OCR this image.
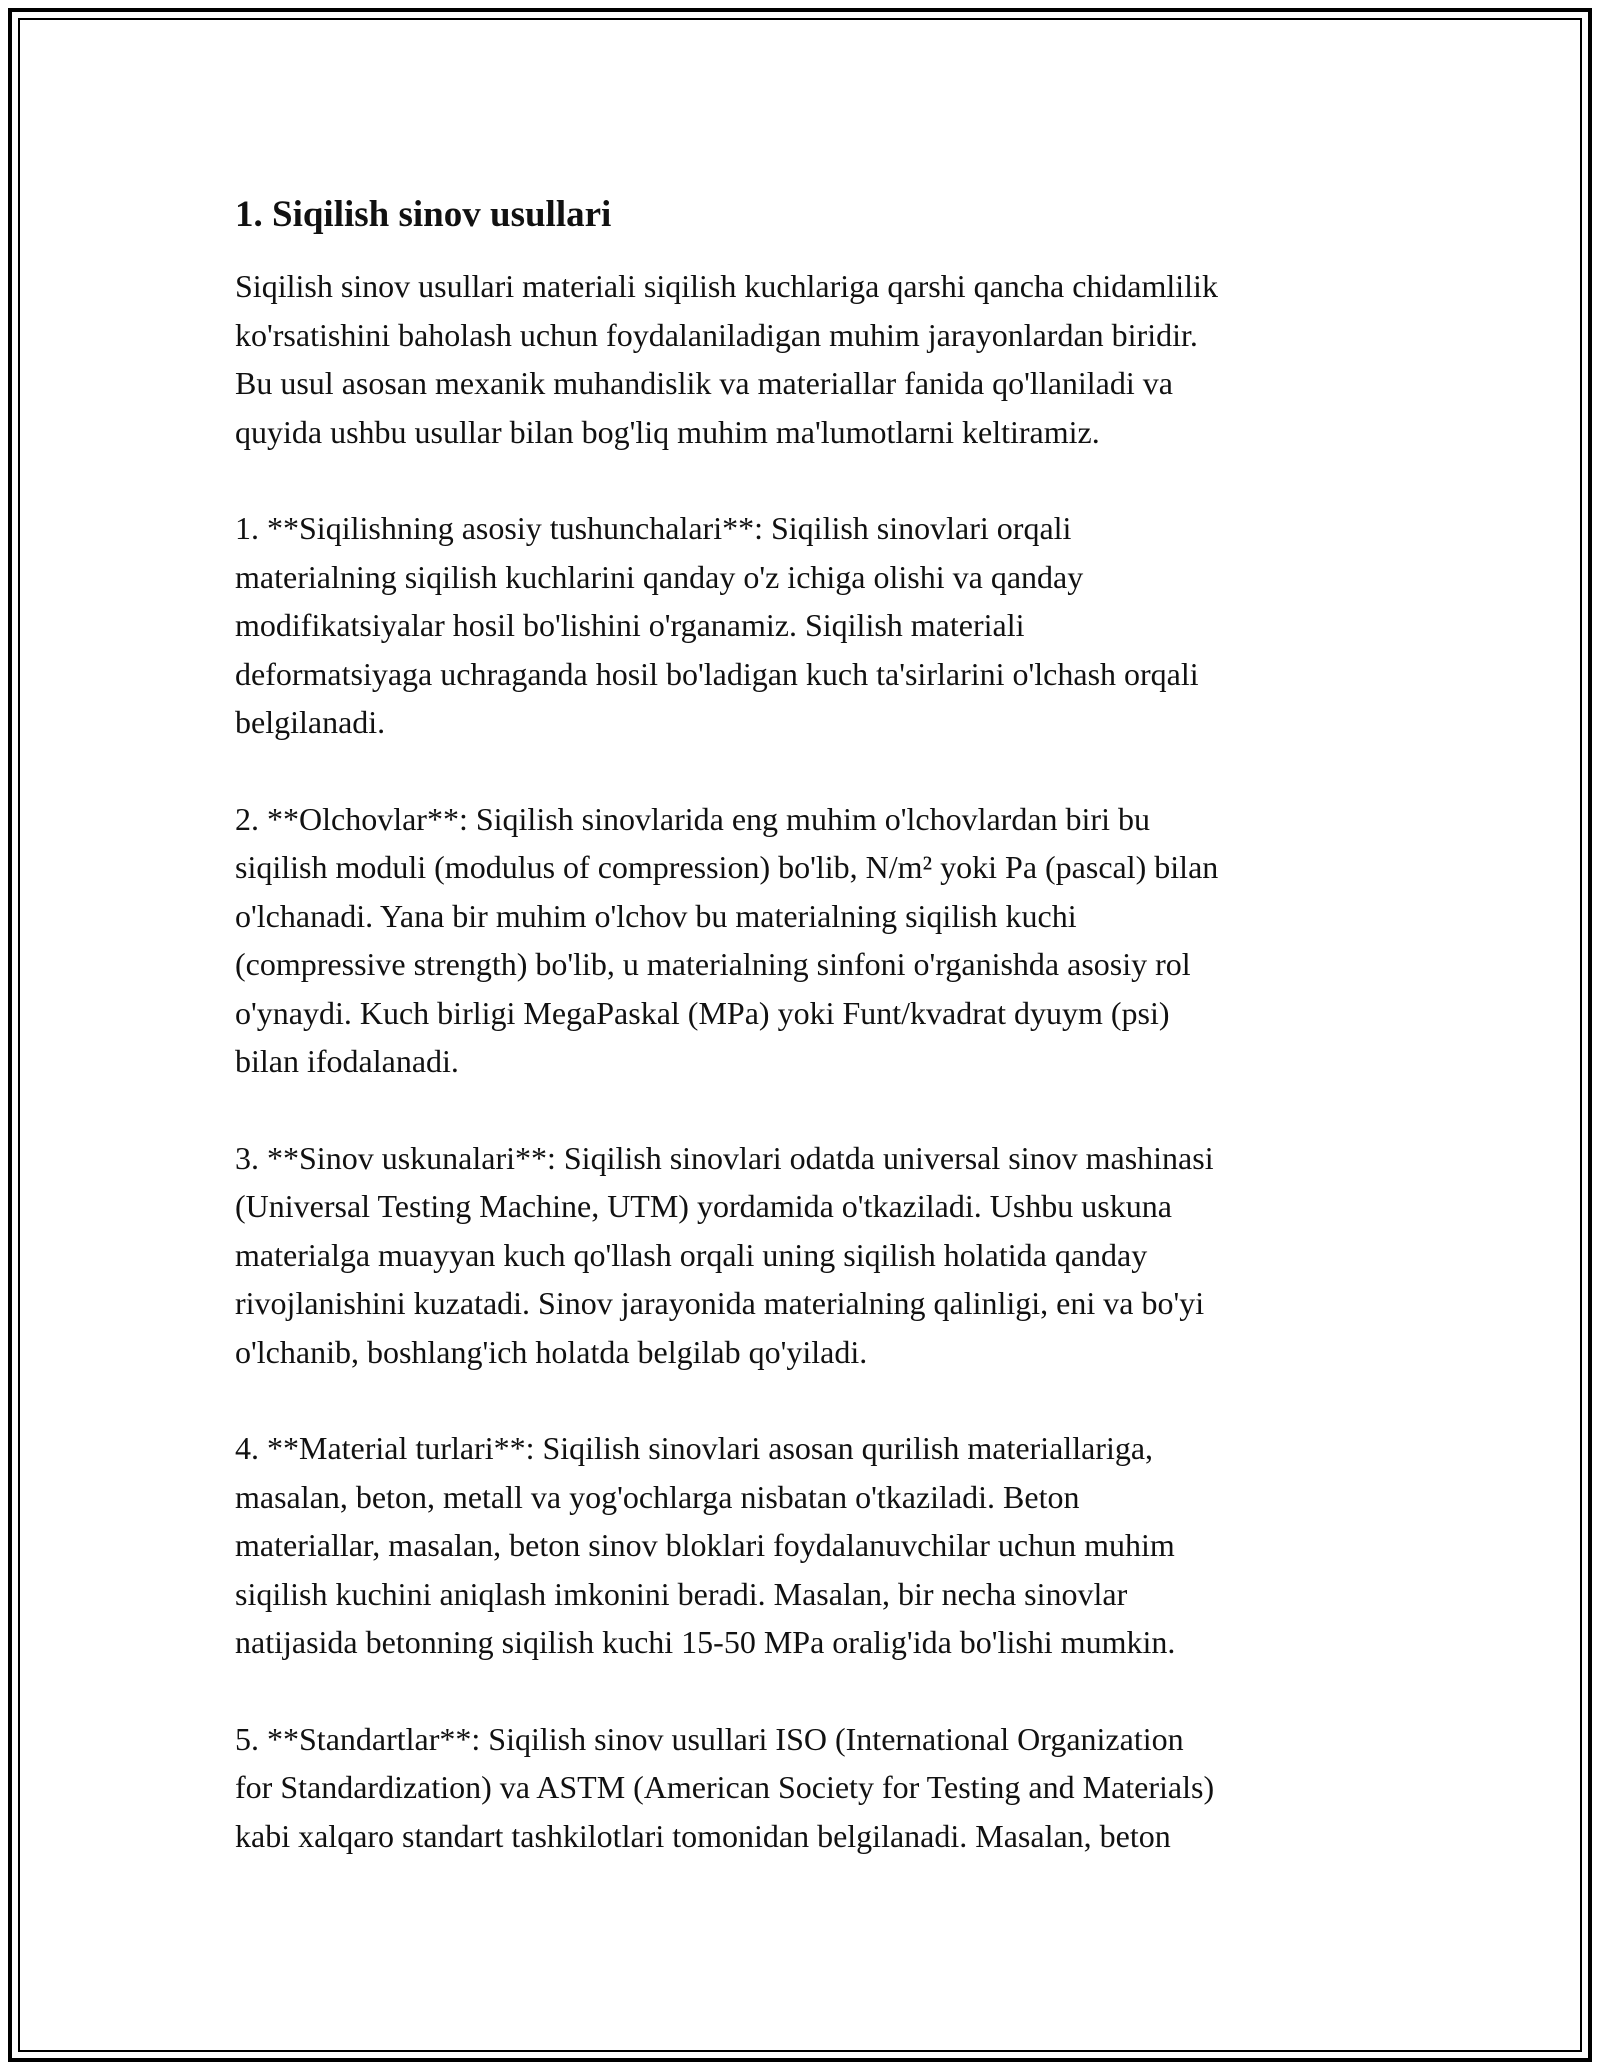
1. Siqilish sinov usullari

Siqilish sinov usullari materiali siqilish kuchlariga qarshi qancha chidamlilik
ko'rsatishini baholash uchun foydalaniladigan muhim jarayonlardan biridir.
Bu usul asosan mexanik muhandislik va materiallar fanida qo'llaniladi va
quyida ushbu usullar bilan bog'liq muhim ma'lumotlarni keltiramiz.

1. **Siqilishning asosiy tushunchalari**: Siqilish sinovlari orqali
materialning siqilish kuchlarini qanday o'z ichiga olishi va qanday
modifikatsiyalar hosil bo'lishini o'rganamiz. Siqilish materiali
deformatsiyaga uchraganda hosil bo'ladigan kuch ta'sirlarini o'lchash orqali
belgilanadi.

2. **Olchovlar**: Siqilish sinovlarida eng muhim o'lchovlardan biri bu
siqilish moduli (modulus of compression) bo'lib, N/m² yoki Pa (pascal) bilan
o'lchanadi. Yana bir muhim o'lchov bu materialning siqilish kuchi
(compressive strength) bo'lib, u materialning sinfoni o'rganishda asosiy rol
o'ynaydi. Kuch birligi MegaPaskal (MPa) yoki Funt/kvadrat dyuym (psi)
bilan ifodalanadi.

3. **Sinov uskunalari**: Siqilish sinovlari odatda universal sinov mashinasi
(Universal Testing Machine, UTM) yordamida o'tkaziladi. Ushbu uskuna
materialga muayyan kuch qo'llash orqali uning siqilish holatida qanday
rivojlanishini kuzatadi. Sinov jarayonida materialning qalinligi, eni va bo'yi
o'lchanib, boshlang'ich holatda belgilab qo'yiladi.

4. **Material turlari**: Siqilish sinovlari asosan qurilish materiallariga,
masalan, beton, metall va yog'ochlarga nisbatan o'tkaziladi. Beton
materiallar, masalan, beton sinov bloklari foydalanuvchilar uchun muhim
siqilish kuchini aniqlash imkonini beradi. Masalan, bir necha sinovlar
natijasida betonning siqilish kuchi 15-50 MPa oralig'ida bo'lishi mumkin.

5. **Standartlar**: Siqilish sinov usullari ISO (International Organization
for Standardization) va ASTM (American Society for Testing and Materials)
kabi xalqaro standart tashkilotlari tomonidan belgilanadi. Masalan, beton
